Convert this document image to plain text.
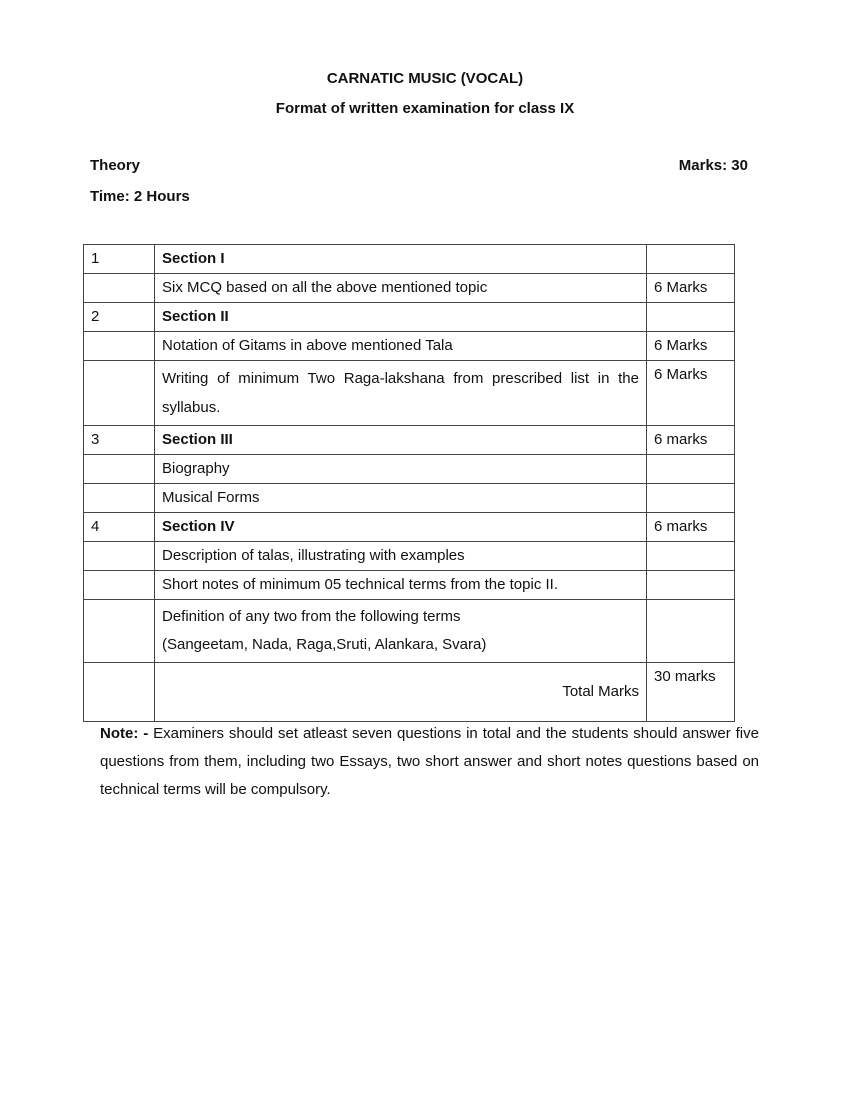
CARNATIC MUSIC (VOCAL)
Format of written examination for class IX
Theory	Marks: 30
Time: 2 Hours
1	Section I	
	Six MCQ based on all the above mentioned topic	6 Marks
2	Section II	
	Notation of Gitams in above mentioned Tala	6 Marks
	Writing of minimum Two Raga-lakshana from prescribed list in the syllabus.	6 Marks
3	Section III	6 marks
	Biography	
	Musical Forms	
4	Section IV	6 marks
	Description of talas, illustrating with examples	
	Short notes of minimum 05 technical terms from the topic II.	

	Definition of any two from the following terms
(Sangeetam, Nada, Raga,Sruti, Alankara, Svara)	

	Total Marks	30 marks
Note: - Examiners should set atleast seven questions in total and the students should answer five questions from them, including two Essays, two short answer and short notes questions based on technical terms will be compulsory.
